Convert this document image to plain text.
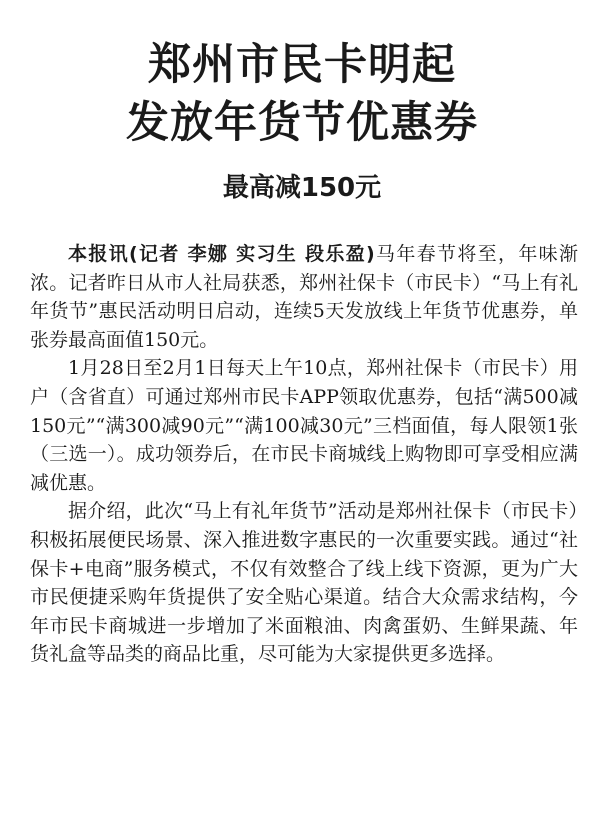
郑州市民卡明起
发放年货节优惠券
最高减150元

本报讯(记者 李娜 实习生 段乐盈)马年春节将至，年味渐浓。记者昨日从市人社局获悉，郑州社保卡（市民卡）“马上有礼年货节”惠民活动明日启动，连续5天发放线上年货节优惠券，单张券最高面值150元。

1月28日至2月1日每天上午10点，郑州社保卡（市民卡）用户（含省直）可通过郑州市民卡APP领取优惠券，包括“满500减150元”“满300减90元”“满100减30元”三档面值，每人限领1张（三选一）。成功领券后，在市民卡商城线上购物即可享受相应满减优惠。

据介绍，此次“马上有礼年货节”活动是郑州社保卡（市民卡）积极拓展便民场景、深入推进数字惠民的一次重要实践。通过“社保卡+电商”服务模式，不仅有效整合了线上线下资源，更为广大市民便捷采购年货提供了安全贴心渠道。结合大众需求结构，今年市民卡商城进一步增加了米面粮油、肉禽蛋奶、生鲜果蔬、年货礼盒等品类的商品比重，尽可能为大家提供更多选择。
